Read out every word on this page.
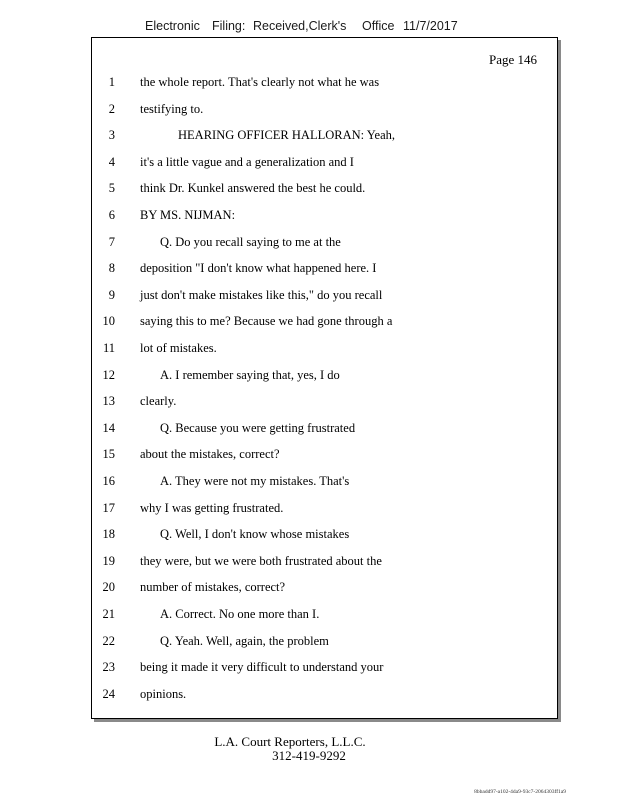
Electronic Filing: Received,Clerk's Office 11/7/2017
Page 146
1 the whole report. That's clearly not what he was
2 testifying to.
3	HEARING OFFICER HALLORAN: Yeah,
4 it's a little vague and a generalization and I
5 think Dr. Kunkel answered the best he could.
6 BY MS. NIJMAN:
7	Q. Do you recall saying to me at the
8 deposition "I don't know what happened here. I
9 just don't make mistakes like this," do you recall
10 saying this to me? Because we had gone through a
11 lot of mistakes.
12	A. I remember saying that, yes, I do
13 clearly.
14	Q. Because you were getting frustrated
15 about the mistakes, correct?
16	A. They were not my mistakes. That's
17 why I was getting frustrated.
18	Q. Well, I don't know whose mistakes
19 they were, but we were both frustrated about the
20 number of mistakes, correct?
21	A. Correct. No one more than I.
22	Q. Yeah. Well, again, the problem
23 being it made it very difficult to understand your
24 opinions.
L.A. Court Reporters, L.L.C.
312-419-9292
8bbadd97-a102-4da9-93c7-2064303ff1a9
